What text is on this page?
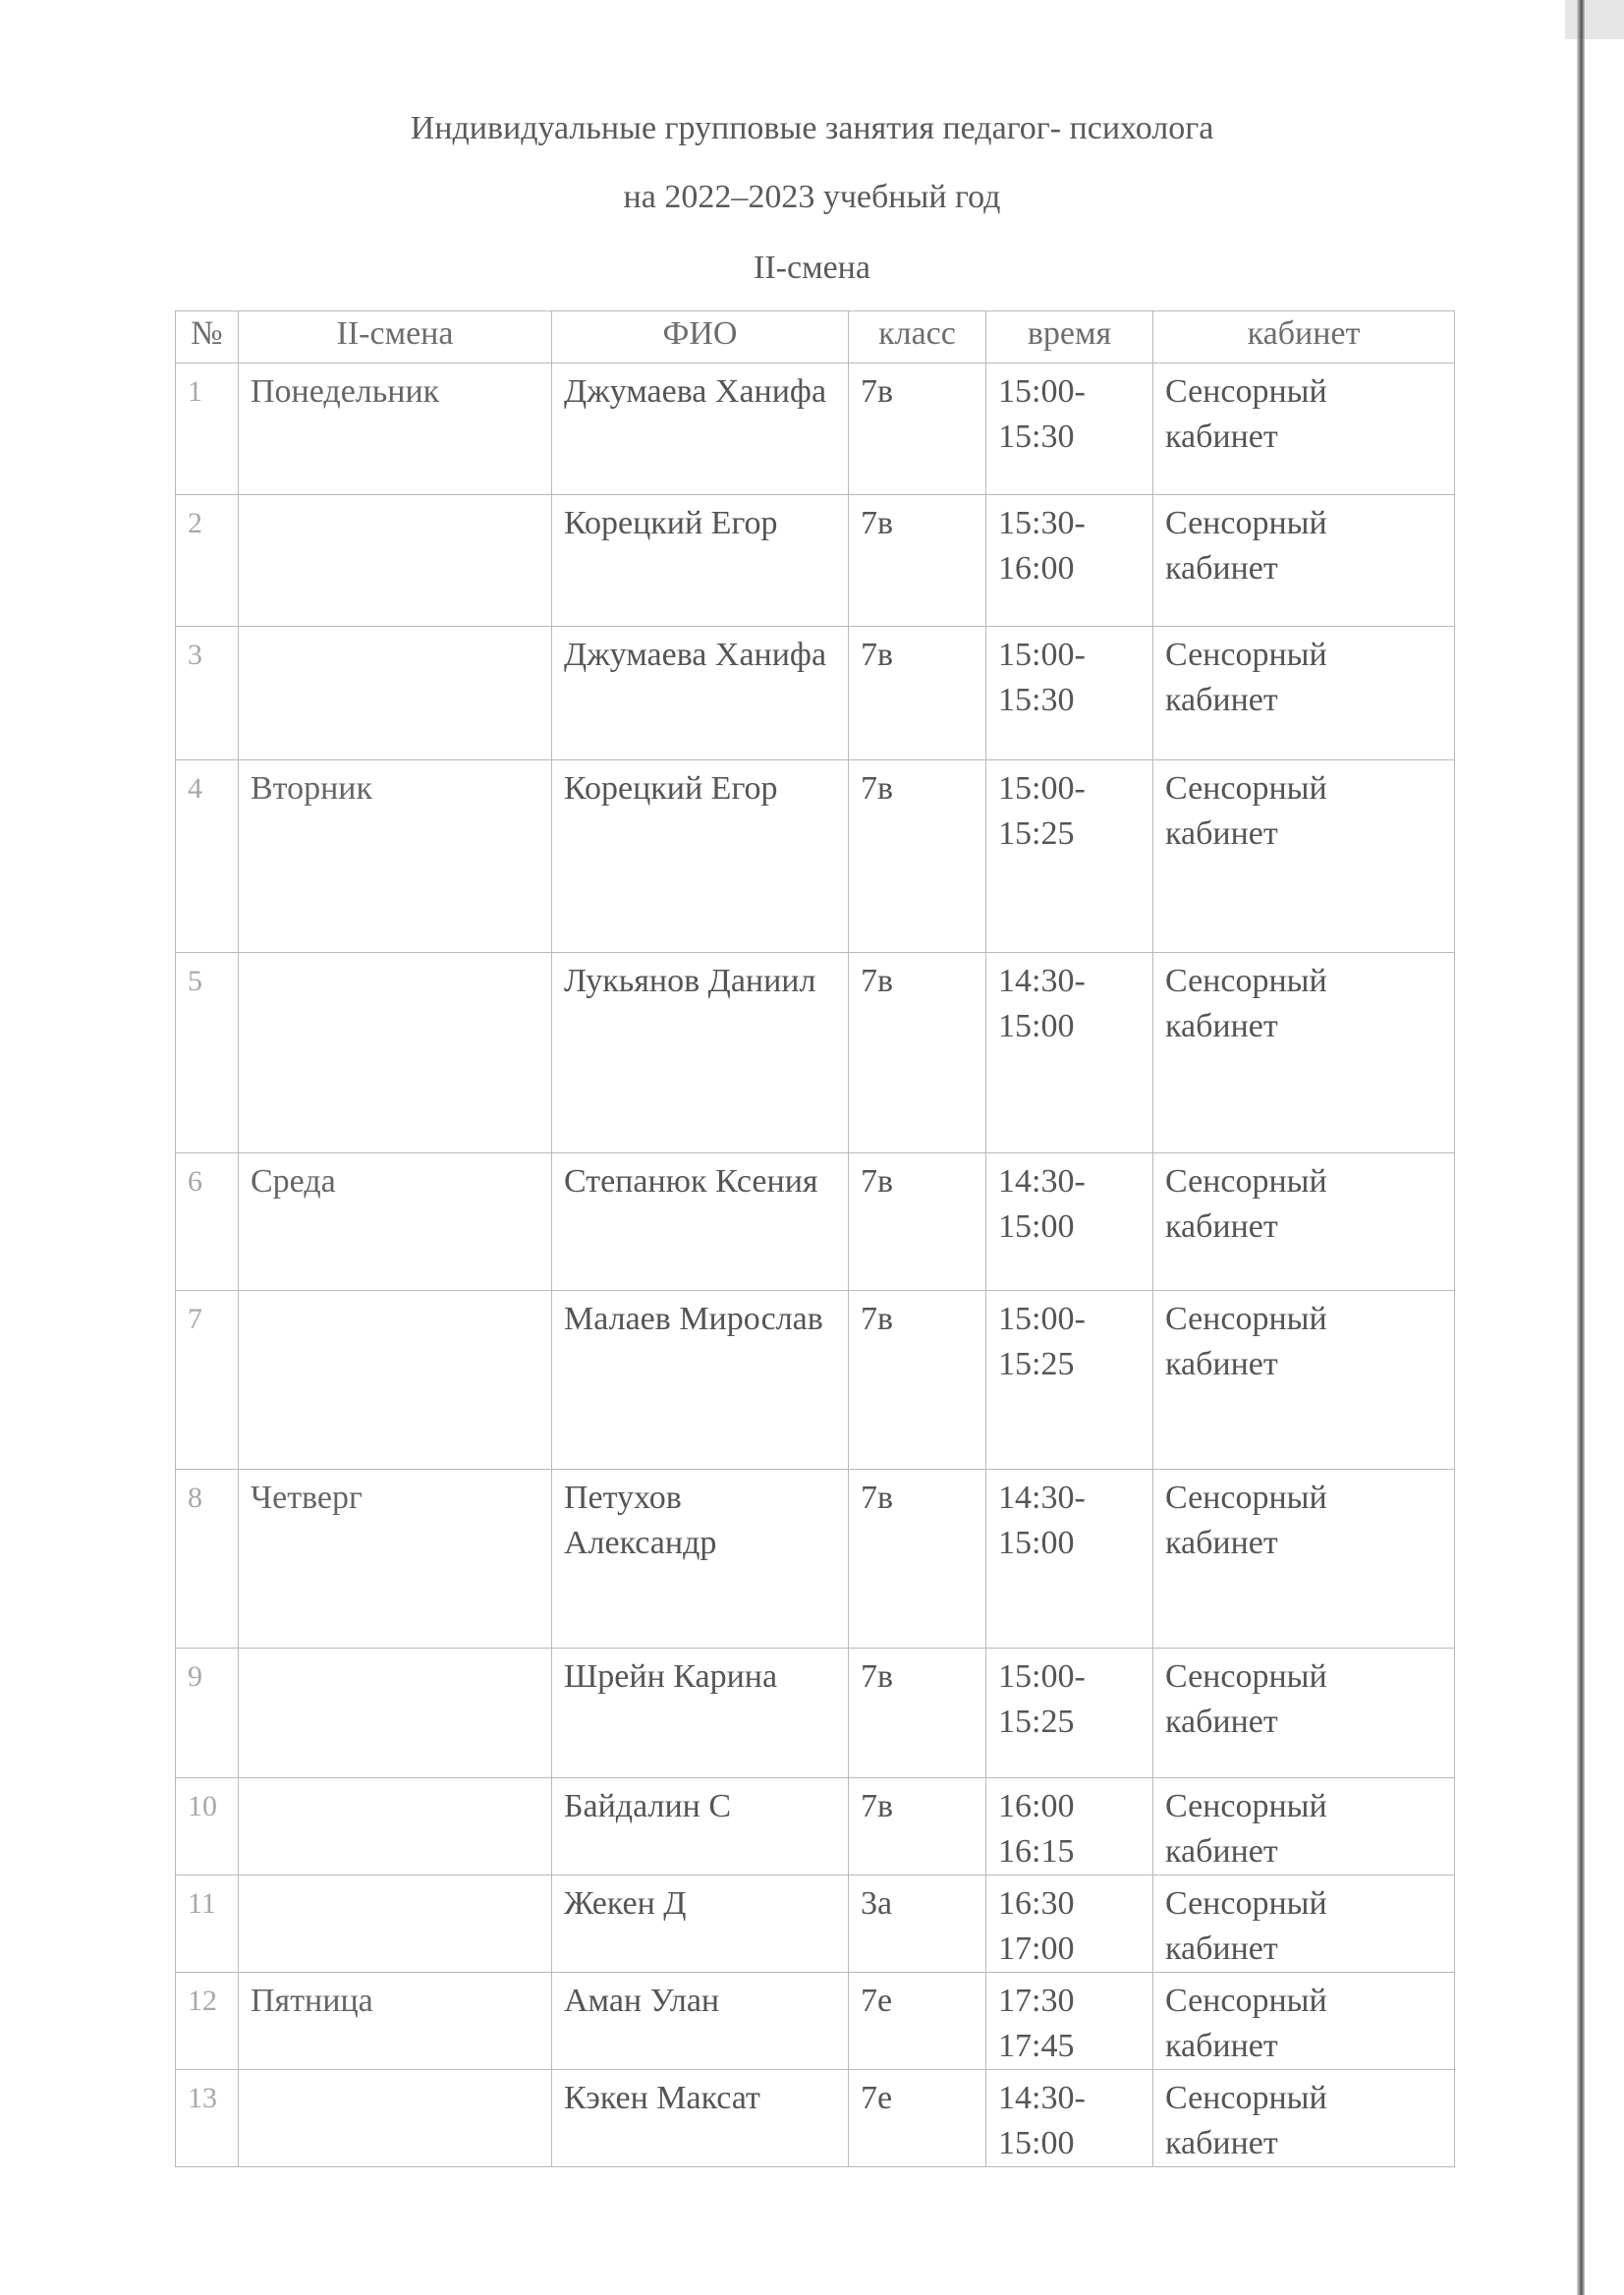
Индивидуальные групповые занятия педагог- психолога
на 2022–2023 учебный год
II-смена
№	II-смена	ФИО	класс	время	кабинет
1	Понедельник	Джумаева Ханифа	7в	15:00-15:30	Сенсорный кабинет
2		Корецкий Егор	7в	15:30-16:00	Сенсорный кабинет
3		Джумаева Ханифа	7в	15:00-15:30	Сенсорный кабинет
4	Вторник	Корецкий Егор	7в	15:00-15:25	Сенсорный кабинет
5		Лукьянов Даниил	7в	14:30-15:00	Сенсорный кабинет
6	Среда	Степанюк Ксения	7в	14:30-15:00	Сенсорный кабинет
7		Малаев Мирослав	7в	15:00-15:25	Сенсорный кабинет
8	Четверг	Петухов Александр	7в	14:30-15:00	Сенсорный кабинет
9		Шрейн Карина	7в	15:00-15:25	Сенсорный кабинет
10		Байдалин С	7в	16:00 16:15	Сенсорный кабинет
11		Жекен Д	3а	16:30 17:00	Сенсорный кабинет
12	Пятница	Аман Улан	7е	17:30 17:45	Сенсорный кабинет
13		Кэкен Максат	7е	14:30-15:00	Сенсорный кабинет
